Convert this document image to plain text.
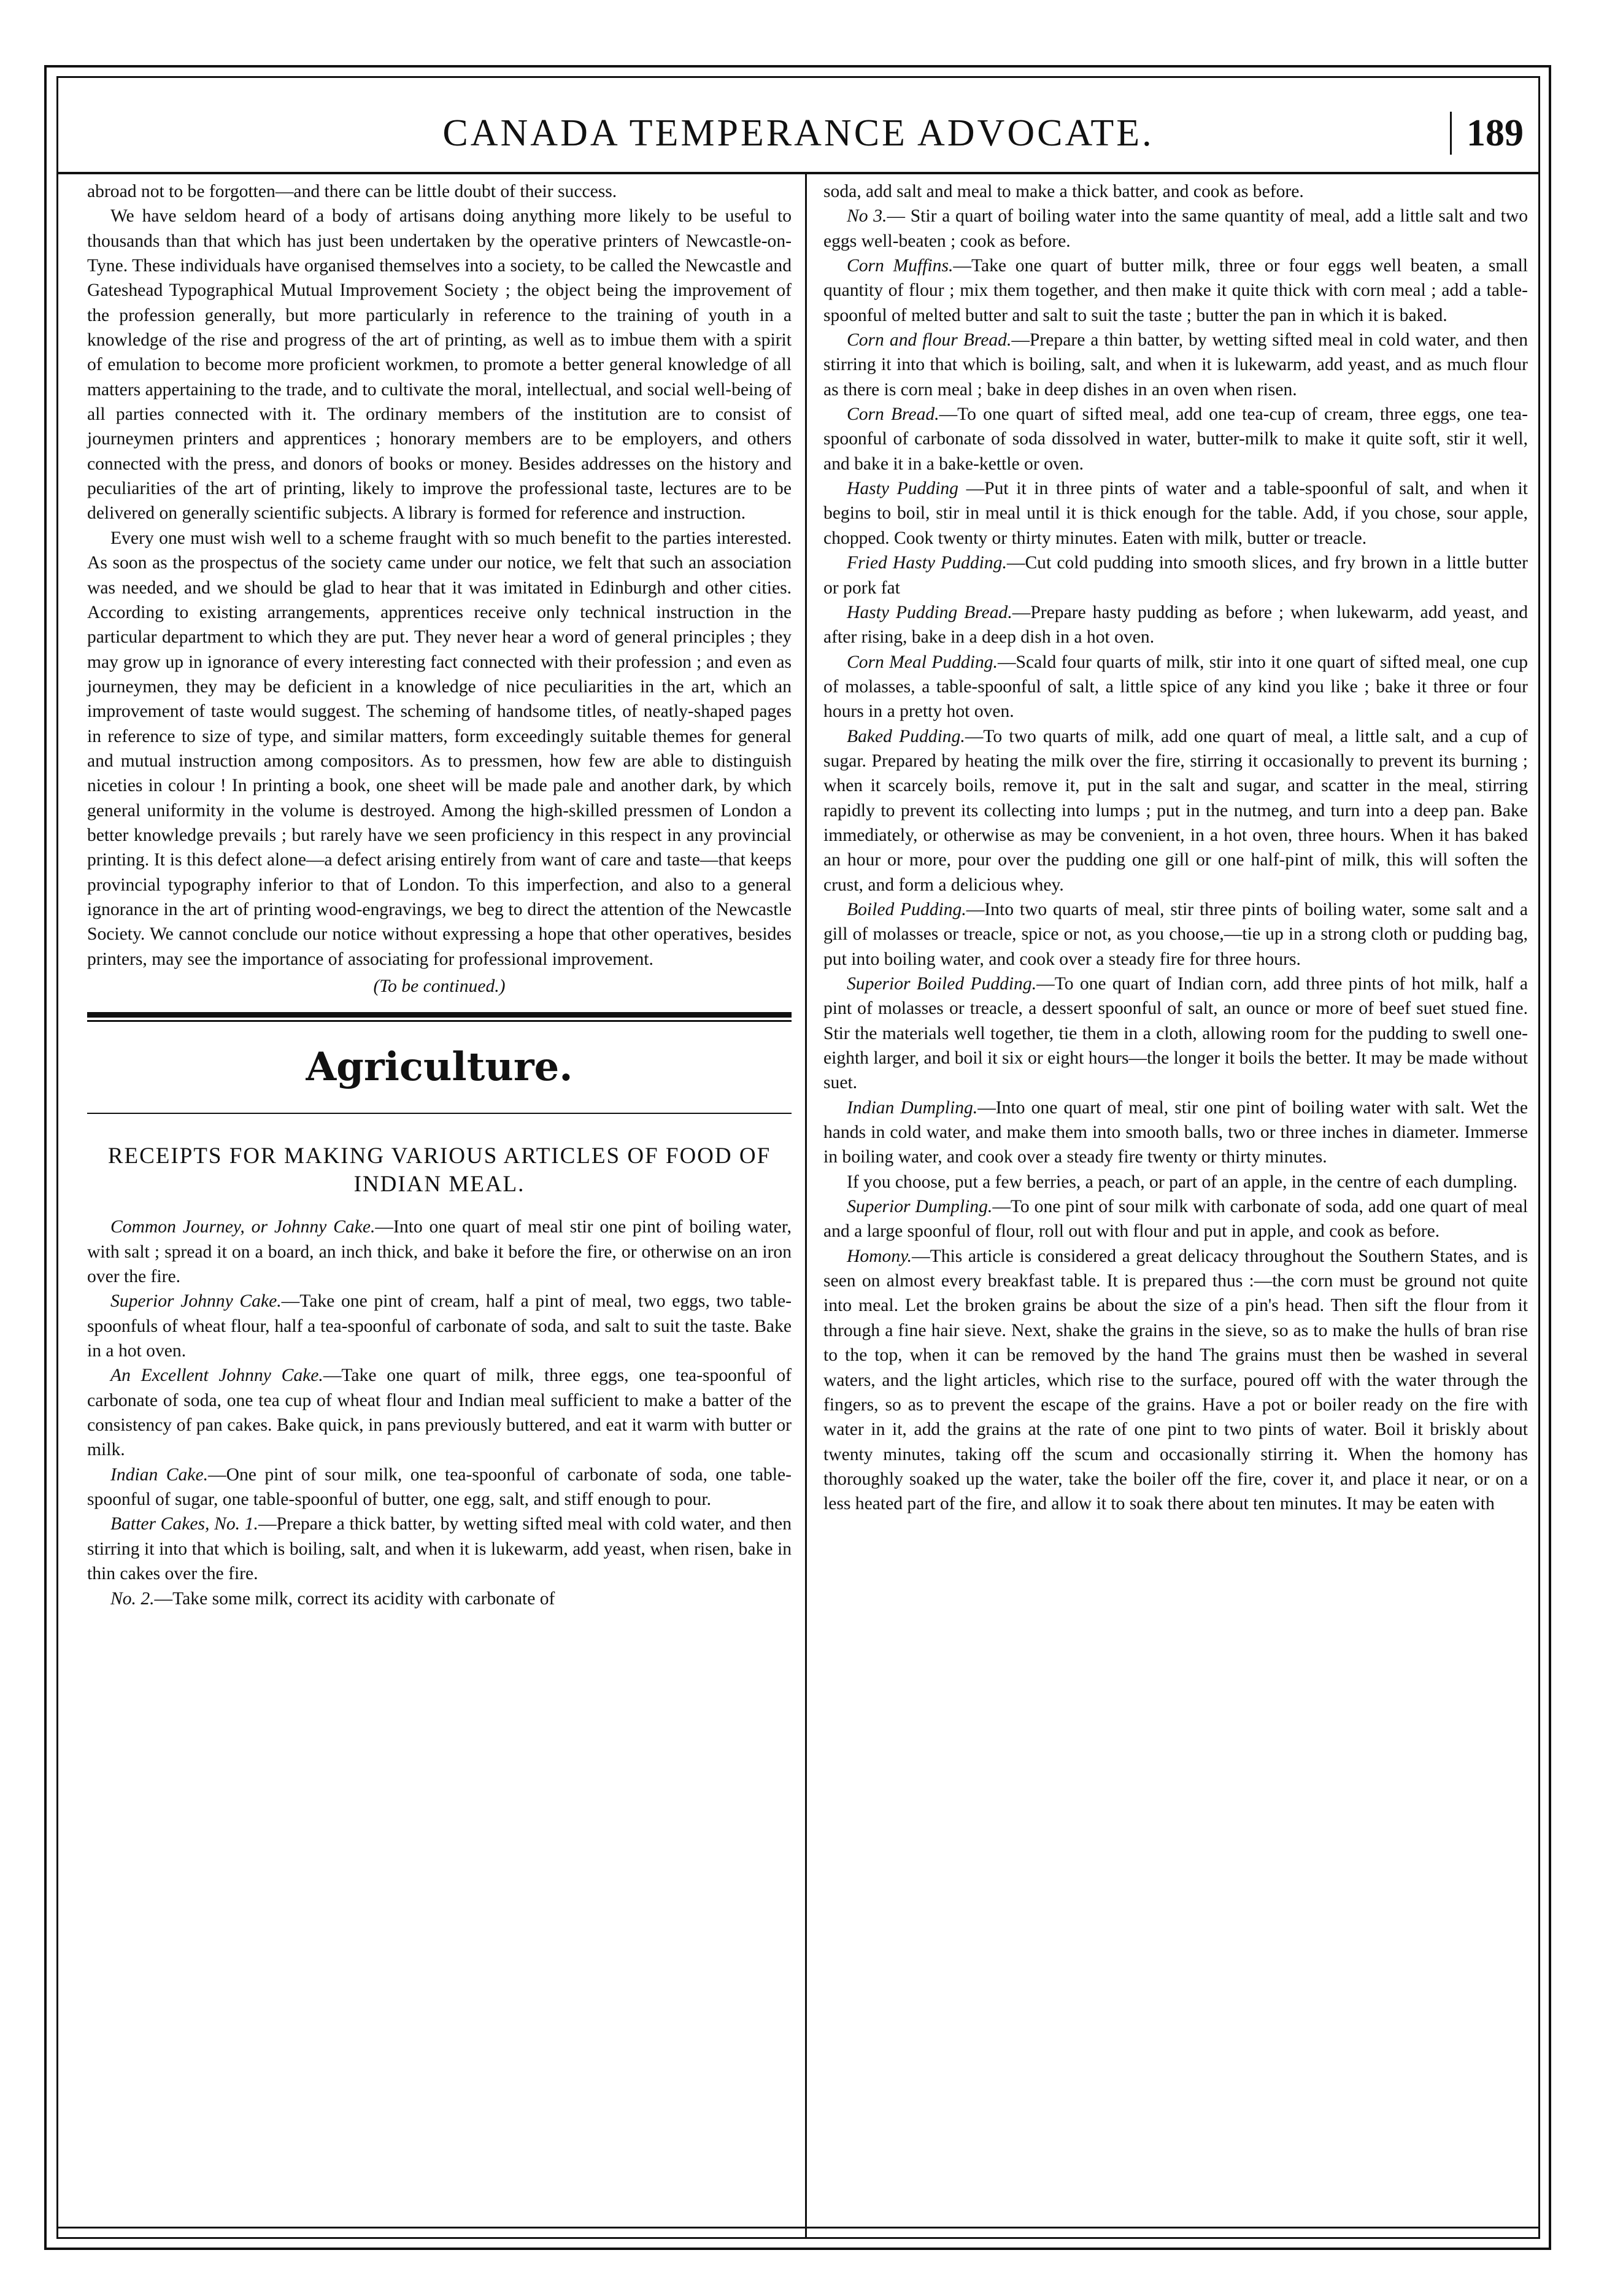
CANADA TEMPERANCE ADVOCATE.	189

abroad not to be forgotten—and there can be little doubt of their success.

We have seldom heard of a body of artisans doing anything more likely to be useful to thousands than that which has just been undertaken by the operative printers of Newcastle-on-Tyne. These individuals have organised themselves into a society, to be called the Newcastle and Gateshead Typographical Mutual Improvement Society ; the object being the improvement of the profession generally, but more particularly in reference to the training of youth in a knowledge of the rise and progress of the art of printing, as well as to imbue them with a spirit of emulation to become more proficient workmen, to promote a better general knowledge of all matters appertaining to the trade, and to cultivate the moral, intellectual, and social well-being of all parties connected with it. The ordinary members of the institution are to consist of journeymen printers and apprentices ; honorary members are to be employers, and others connected with the press, and donors of books or money. Besides addresses on the history and peculiarities of the art of printing, likely to improve the professional taste, lectures are to be delivered on generally scientific subjects. A library is formed for reference and instruction.

Every one must wish well to a scheme fraught with so much benefit to the parties interested. As soon as the prospectus of the society came under our notice, we felt that such an association was needed, and we should be glad to hear that it was imitated in Edinburgh and other cities. According to existing arrangements, apprentices receive only technical instruction in the particular department to which they are put. They never hear a word of general principles ; they may grow up in ignorance of every interesting fact connected with their profession ; and even as journeymen, they may be deficient in a knowledge of nice peculiarities in the art, which an improvement of taste would suggest. The scheming of handsome titles, of neatly-shaped pages in reference to size of type, and similar matters, form exceedingly suitable themes for general and mutual instruction among compositors. As to pressmen, how few are able to distinguish niceties in colour ! In printing a book, one sheet will be made pale and another dark, by which general uniformity in the volume is destroyed. Among the high-skilled pressmen of London a better knowledge prevails ; but rarely have we seen proficiency in this respect in any provincial printing. It is this defect alone—a defect arising entirely from want of care and taste—that keeps provincial typography inferior to that of London. To this imperfection, and also to a general ignorance in the art of printing wood-engravings, we beg to direct the attention of the Newcastle Society. We cannot conclude our notice without expressing a hope that other operatives, besides printers, may see the importance of associating for professional improvement.

(To be continued.)
Agriculture.
RECEIPTS FOR MAKING VARIOUS ARTICLES OF FOOD OF INDIAN MEAL.

Common Journey, or Johnny Cake.—Into one quart of meal stir one pint of boiling water, with salt ; spread it on a board, an inch thick, and bake it before the fire, or otherwise on an iron over the fire.

Superior Johnny Cake.—Take one pint of cream, half a pint of meal, two eggs, two table-spoonfuls of wheat flour, half a tea-spoonful of carbonate of soda, and salt to suit the taste. Bake in a hot oven.

An Excellent Johnny Cake.—Take one quart of milk, three eggs, one tea-spoonful of carbonate of soda, one tea cup of wheat flour and Indian meal sufficient to make a batter of the consistency of pan cakes. Bake quick, in pans previously buttered, and eat it warm with butter or milk.

Indian Cake.—One pint of sour milk, one tea-spoonful of carbonate of soda, one table-spoonful of sugar, one table-spoonful of butter, one egg, salt, and stiff enough to pour.

Batter Cakes, No. 1.—Prepare a thick batter, by wetting sifted meal with cold water, and then stirring it into that which is boiling, salt, and when it is lukewarm, add yeast, when risen, bake in thin cakes over the fire.

No. 2.—Take some milk, correct its acidity with carbonate of

soda, add salt and meal to make a thick batter, and cook as before.

No 3.— Stir a quart of boiling water into the same quantity of meal, add a little salt and two eggs well-beaten ; cook as before.

Corn Muffins.—Take one quart of butter milk, three or four eggs well beaten, a small quantity of flour ; mix them together, and then make it quite thick with corn meal ; add a table-spoonful of melted butter and salt to suit the taste ; butter the pan in which it is baked.

Corn and flour Bread.—Prepare a thin batter, by wetting sifted meal in cold water, and then stirring it into that which is boiling, salt, and when it is lukewarm, add yeast, and as much flour as there is corn meal ; bake in deep dishes in an oven when risen.

Corn Bread.—To one quart of sifted meal, add one tea-cup of cream, three eggs, one tea-spoonful of carbonate of soda dissolved in water, butter-milk to make it quite soft, stir it well, and bake it in a bake-kettle or oven.

Hasty Pudding —Put it in three pints of water and a table-spoonful of salt, and when it begins to boil, stir in meal until it is thick enough for the table. Add, if you chose, sour apple, chopped. Cook twenty or thirty minutes. Eaten with milk, butter or treacle.

Fried Hasty Pudding.—Cut cold pudding into smooth slices, and fry brown in a little butter or pork fat

Hasty Pudding Bread.—Prepare hasty pudding as before ; when lukewarm, add yeast, and after rising, bake in a deep dish in a hot oven.

Corn Meal Pudding.—Scald four quarts of milk, stir into it one quart of sifted meal, one cup of molasses, a table-spoonful of salt, a little spice of any kind you like ; bake it three or four hours in a pretty hot oven.

Baked Pudding.—To two quarts of milk, add one quart of meal, a little salt, and a cup of sugar. Prepared by heating the milk over the fire, stirring it occasionally to prevent its burning ; when it scarcely boils, remove it, put in the salt and sugar, and scatter in the meal, stirring rapidly to prevent its collecting into lumps ; put in the nutmeg, and turn into a deep pan. Bake immediately, or otherwise as may be convenient, in a hot oven, three hours. When it has baked an hour or more, pour over the pudding one gill or one half-pint of milk, this will soften the crust, and form a delicious whey.

Boiled Pudding.—Into two quarts of meal, stir three pints of boiling water, some salt and a gill of molasses or treacle, spice or not, as you choose,—tie up in a strong cloth or pudding bag, put into boiling water, and cook over a steady fire for three hours.

Superior Boiled Pudding.—To one quart of Indian corn, add three pints of hot milk, half a pint of molasses or treacle, a dessert spoonful of salt, an ounce or more of beef suet stued fine. Stir the materials well together, tie them in a cloth, allowing room for the pudding to swell one-eighth larger, and boil it six or eight hours—the longer it boils the better. It may be made without suet.

Indian Dumpling.—Into one quart of meal, stir one pint of boiling water with salt. Wet the hands in cold water, and make them into smooth balls, two or three inches in diameter. Immerse in boiling water, and cook over a steady fire twenty or thirty minutes.

If you choose, put a few berries, a peach, or part of an apple, in the centre of each dumpling.

Superior Dumpling.—To one pint of sour milk with carbonate of soda, add one quart of meal and a large spoonful of flour, roll out with flour and put in apple, and cook as before.

Homony.—This article is considered a great delicacy throughout the Southern States, and is seen on almost every breakfast table. It is prepared thus :—the corn must be ground not quite into meal. Let the broken grains be about the size of a pin's head. Then sift the flour from it through a fine hair sieve. Next, shake the grains in the sieve, so as to make the hulls of bran rise to the top, when it can be removed by the hand The grains must then be washed in several waters, and the light articles, which rise to the surface, poured off with the water through the fingers, so as to prevent the escape of the grains. Have a pot or boiler ready on the fire with water in it, add the grains at the rate of one pint to two pints of water. Boil it briskly about twenty minutes, taking off the scum and occasionally stirring it. When the homony has thoroughly soaked up the water, take the boiler off the fire, cover it, and place it near, or on a less heated part of the fire, and allow it to soak there about ten minutes. It may be eaten with
